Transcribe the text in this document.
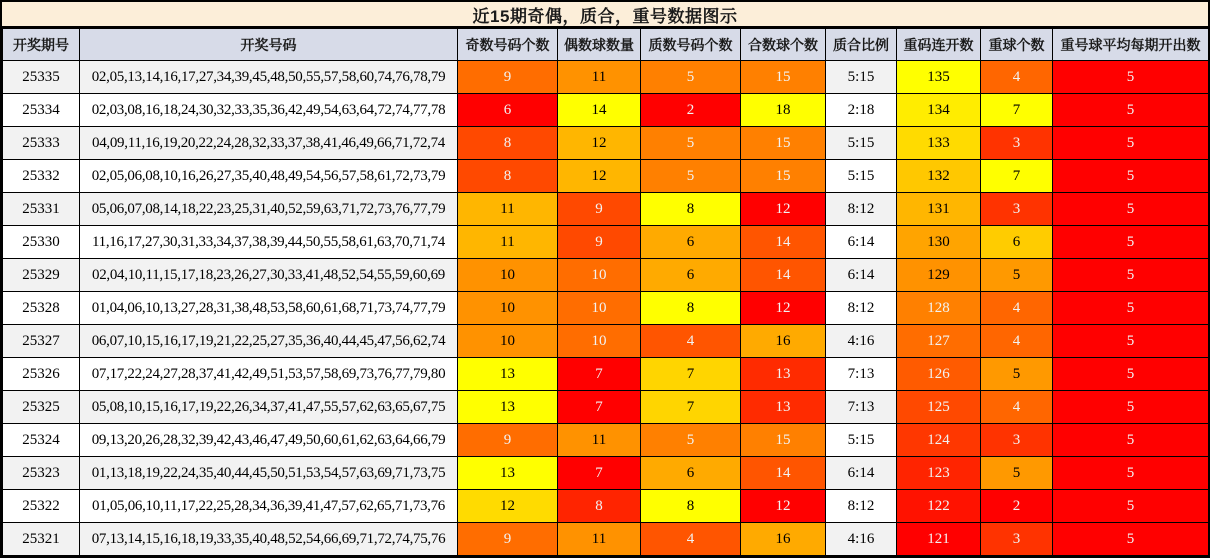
近15期奇偶，质合，重号数据图示
开奖期号	开奖号码	奇数号码个数	偶数球数量	质数号码个数	合数球个数	质合比例	重码连开数	重球个数	重号球平均每期开出数
25335	02,05,13,14,16,17,27,34,39,45,48,50,55,57,58,60,74,76,78,79	9	11	5	15	5:15	135	4	5
25334	02,03,08,16,18,24,30,32,33,35,36,42,49,54,63,64,72,74,77,78	6	14	2	18	2:18	134	7	5
25333	04,09,11,16,19,20,22,24,28,32,33,37,38,41,46,49,66,71,72,74	8	12	5	15	5:15	133	3	5
25332	02,05,06,08,10,16,26,27,35,40,48,49,54,56,57,58,61,72,73,79	8	12	5	15	5:15	132	7	5
25331	05,06,07,08,14,18,22,23,25,31,40,52,59,63,71,72,73,76,77,79	11	9	8	12	8:12	131	3	5
25330	11,16,17,27,30,31,33,34,37,38,39,44,50,55,58,61,63,70,71,74	11	9	6	14	6:14	130	6	5
25329	02,04,10,11,15,17,18,23,26,27,30,33,41,48,52,54,55,59,60,69	10	10	6	14	6:14	129	5	5
25328	01,04,06,10,13,27,28,31,38,48,53,58,60,61,68,71,73,74,77,79	10	10	8	12	8:12	128	4	5
25327	06,07,10,15,16,17,19,21,22,25,27,35,36,40,44,45,47,56,62,74	10	10	4	16	4:16	127	4	5
25326	07,17,22,24,27,28,37,41,42,49,51,53,57,58,69,73,76,77,79,80	13	7	7	13	7:13	126	5	5
25325	05,08,10,15,16,17,19,22,26,34,37,41,47,55,57,62,63,65,67,75	13	7	7	13	7:13	125	4	5
25324	09,13,20,26,28,32,39,42,43,46,47,49,50,60,61,62,63,64,66,79	9	11	5	15	5:15	124	3	5
25323	01,13,18,19,22,24,35,40,44,45,50,51,53,54,57,63,69,71,73,75	13	7	6	14	6:14	123	5	5
25322	01,05,06,10,11,17,22,25,28,34,36,39,41,47,57,62,65,71,73,76	12	8	8	12	8:12	122	2	5
25321	07,13,14,15,16,18,19,33,35,40,48,52,54,66,69,71,72,74,75,76	9	11	4	16	4:16	121	3	5
